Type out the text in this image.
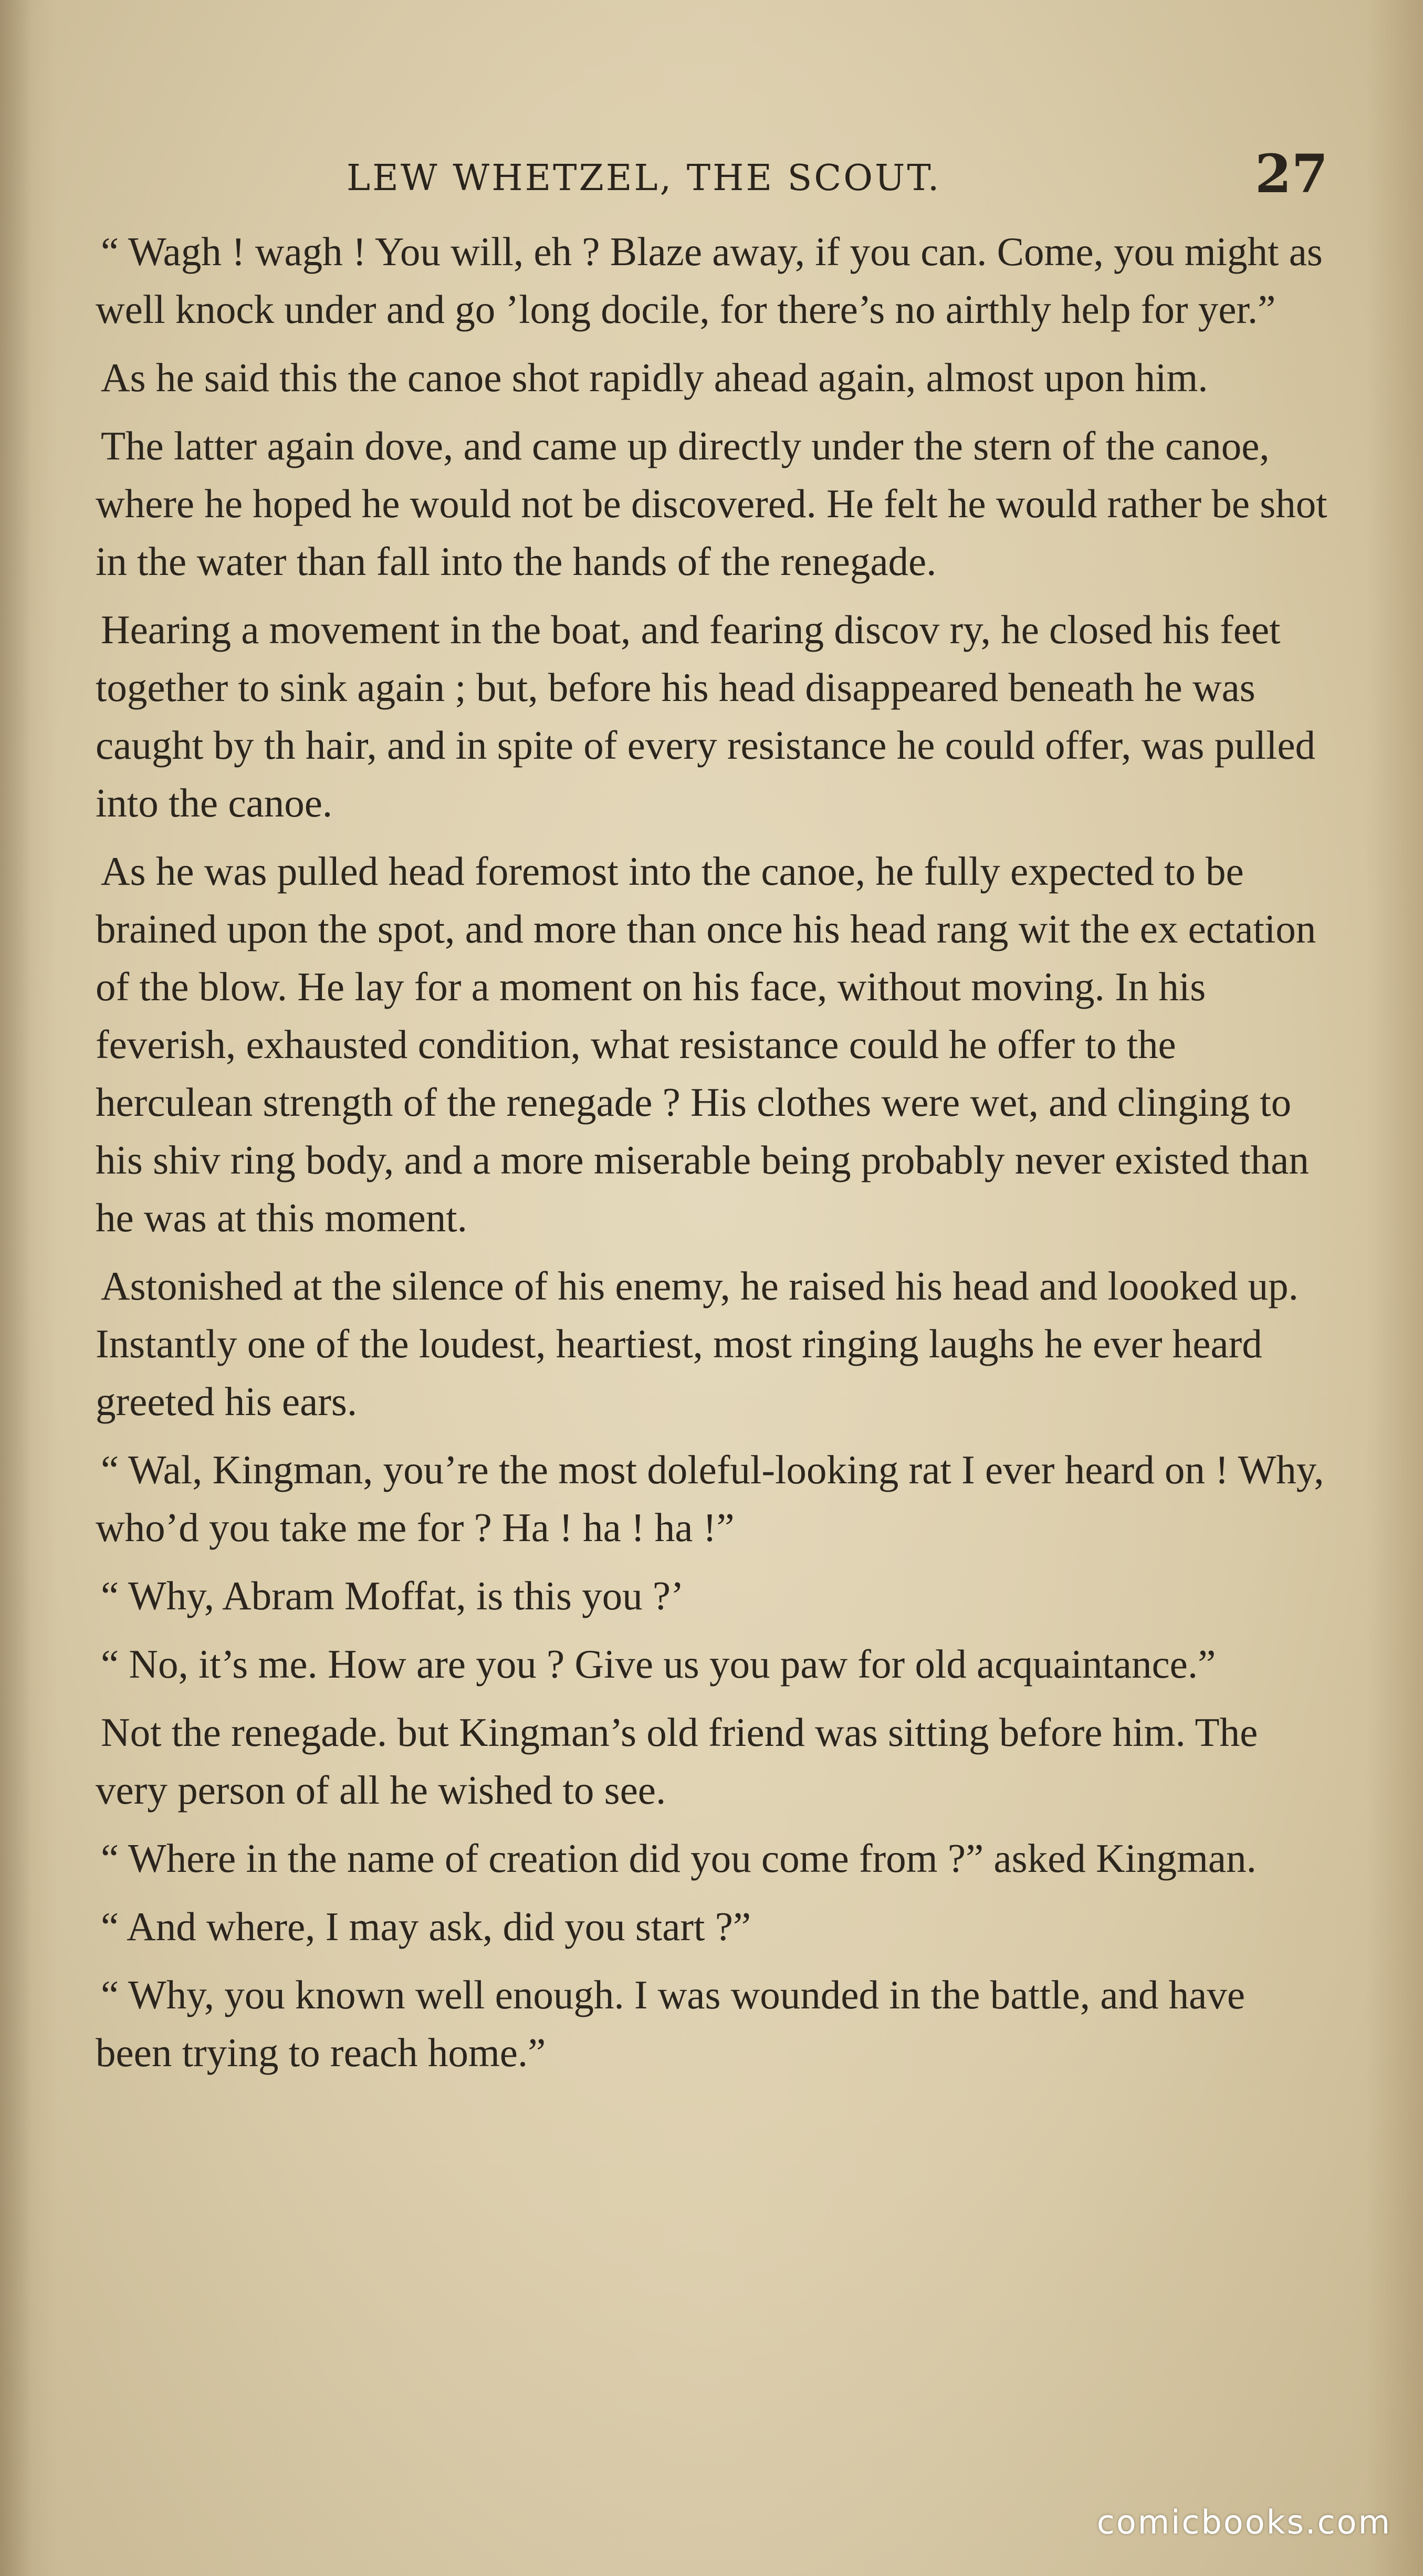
LEW WHETZEL, THE SCOUT.	27

“ Wagh ! wagh ! You will, eh ? Blaze away, if you can. Come, you might as well knock under and go ’long docile, for there’s no airthly help for yer.”

As he said this the canoe shot rapidly ahead again, almost upon him.

The latter again dove, and came up directly under the stern of the canoe, where he hoped he would not be discovered. He felt he would rather be shot in the water than fall into the hands of the renegade.

Hearing a movement in the boat, and fearing discov ry, he closed his feet together to sink again ; but, before his head disappeared beneath he was caught by th hair, and in spite of every resistance he could offer, was pulled into the canoe.

As he was pulled head foremost into the canoe, he fully expected to be brained upon the spot, and more than once his head rang wit the ex ectation of the blow. He lay for a moment on his face, without moving. In his feverish, exhausted condition, what resistance could he offer to the herculean strength of the renegade ? His clothes were wet, and clinging to his shiv ring body, and a more miserable being probably never existed than he was at this moment.

Astonished at the silence of his enemy, he raised his head and loooked up. Instantly one of the loudest, heartiest, most ringing laughs he ever heard greeted his ears.

“ Wal, Kingman, you’re the most doleful-looking rat I ever heard on ! Why, who’d you take me for ? Ha ! ha ! ha !”

“ Why, Abram Moffat, is this you ?’

“ No, it’s me. How are you ? Give us you paw for old acquaintance.”

Not the renegade. but Kingman’s old friend was sitting before him. The very person of all he wished to see.

“ Where in the name of creation did you come from ?” asked Kingman.

“ And where, I may ask, did you start ?”

“ Why, you known well enough. I was wounded in the battle, and have been trying to reach home.”

comicbooks.com
